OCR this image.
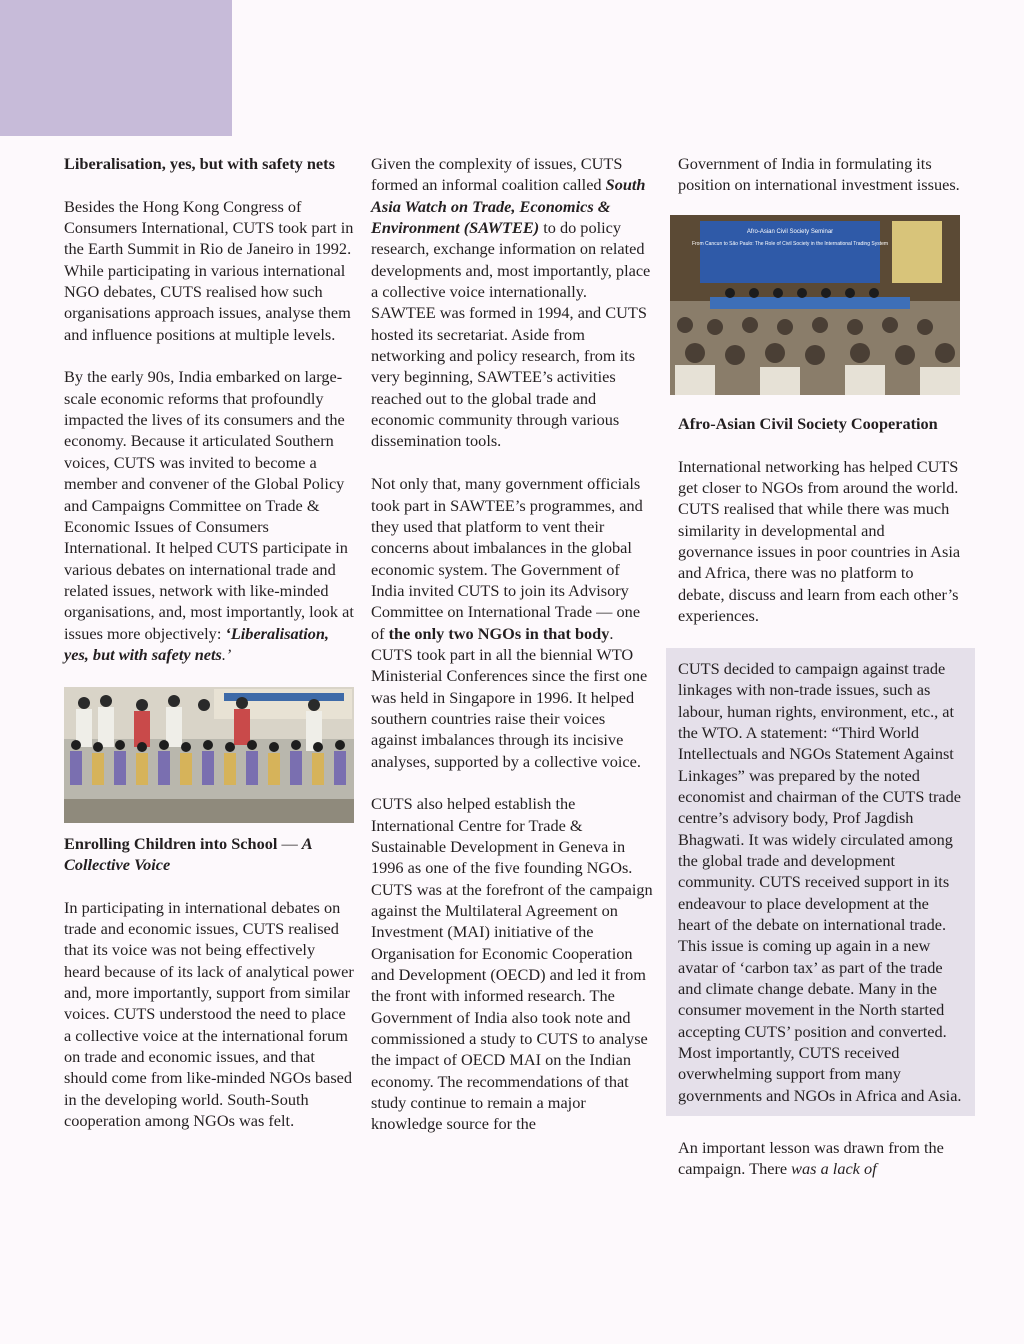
Liberalisation, yes, but with safety nets

Besides the Hong Kong Congress of Consumers International, CUTS took part in the Earth Summit in Rio de Janeiro in 1992. While participating in various international NGO debates, CUTS realised how such organisations approach issues, analyse them and influence positions at multiple levels.

By the early 90s, India embarked on large-scale economic reforms that profoundly impacted the lives of its consumers and the economy. Because it articulated Southern voices, CUTS was invited to become a member and convener of the Global Policy and Campaigns Committee on Trade & Economic Issues of Consumers International. It helped CUTS participate in various debates on international trade and related issues, network with like-minded organisations, and, most importantly, look at issues more objectively: ‘Liberalisation, yes, but with safety nets.’

Enrolling Children into School — A Collective Voice

In participating in international debates on trade and economic issues, CUTS realised that its voice was not being effectively heard because of its lack of analytical power and, more importantly, support from similar voices. CUTS understood the need to place a collective voice at the international forum on trade and economic issues, and that should come from like-minded NGOs based in the developing world. South-South cooperation among NGOs was felt.

Given the complexity of issues, CUTS formed an informal coalition called South Asia Watch on Trade, Economics & Environment (SAWTEE) to do policy research, exchange information on related developments and, most importantly, place a collective voice internationally. SAWTEE was formed in 1994, and CUTS hosted its secretariat. Aside from networking and policy research, from its very beginning, SAWTEE’s activities reached out to the global trade and economic community through various dissemination tools.

Not only that, many government officials took part in SAWTEE’s programmes, and they used that platform to vent their concerns about imbalances in the global economic system. The Government of India invited CUTS to join its Advisory Committee on International Trade — one of the only two NGOs in that body. CUTS took part in all the biennial WTO Ministerial Conferences since the first one was held in Singapore in 1996. It helped southern countries raise their voices against imbalances through its incisive analyses, supported by a collective voice.

CUTS also helped establish the International Centre for Trade & Sustainable Development in Geneva in 1996 as one of the five founding NGOs. CUTS was at the forefront of the campaign against the Multilateral Agreement on Investment (MAI) initiative of the Organisation for Economic Cooperation and Development (OECD) and led it from the front with informed research. The Government of India also took note and commissioned a study to CUTS to analyse the impact of OECD MAI on the Indian economy. The recommendations of that study continue to remain a major knowledge source for the

Government of India in formulating its position on international investment issues.

Afro-Asian Civil Society Seminar
From Cancun to São Paulo: The Role of Civil Society in the International Trading System

Afro-Asian Civil Society Cooperation

International networking has helped CUTS get closer to NGOs from around the world. CUTS realised that while there was much similarity in developmental and governance issues in poor countries in Asia and Africa, there was no platform to debate, discuss and learn from each other’s experiences.

CUTS decided to campaign against trade linkages with non-trade issues, such as labour, human rights, environment, etc., at the WTO. A statement: “Third World Intellectuals and NGOs Statement Against Linkages” was prepared by the noted economist and chairman of the CUTS trade centre’s advisory body, Prof Jagdish Bhagwati. It was widely circulated among the global trade and development community. CUTS received support in its endeavour to place development at the heart of the debate on international trade. This issue is coming up again in a new avatar of ‘carbon tax’ as part of the trade and climate change debate. Many in the consumer movement in the North started accepting CUTS’ position and converted. Most importantly, CUTS received overwhelming support from many governments and NGOs in Africa and Asia.

An important lesson was drawn from the campaign. There was a lack of
